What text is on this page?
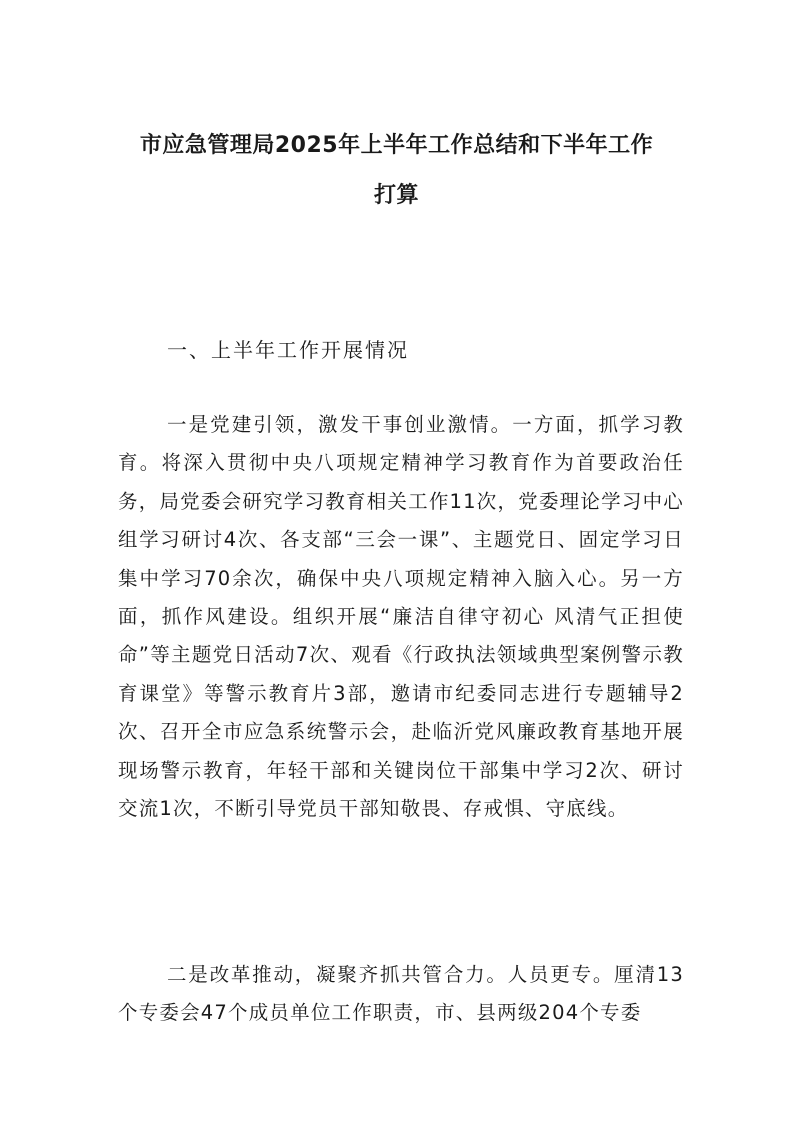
市应急管理局2025年上半年工作总结和下半年工作
打算
一、上半年工作开展情况

一是党建引领，激发干事创业激情。一方面，抓学习教育。将深入贯彻中央八项规定精神学习教育作为首要政治任务，局党委会研究学习教育相关工作11次，党委理论学习中心组学习研讨4次、各支部“三会一课”、主题党日、固定学习日集中学习70余次，确保中央八项规定精神入脑入心。另一方面，抓作风建设。组织开展“廉洁自律守初心 风清气正担使命”等主题党日活动7次、观看《行政执法领域典型案例警示教育课堂》等警示教育片3部，邀请市纪委同志进行专题辅导2次、召开全市应急系统警示会，赴临沂党风廉政教育基地开展现场警示教育，年轻干部和关键岗位干部集中学习2次、研讨交流1次，不断引导党员干部知敬畏、存戒惧、守底线。

二是改革推动，凝聚齐抓共管合力。人员更专。厘清13个专委会47个成员单位工作职责，市、县两级204个专委
